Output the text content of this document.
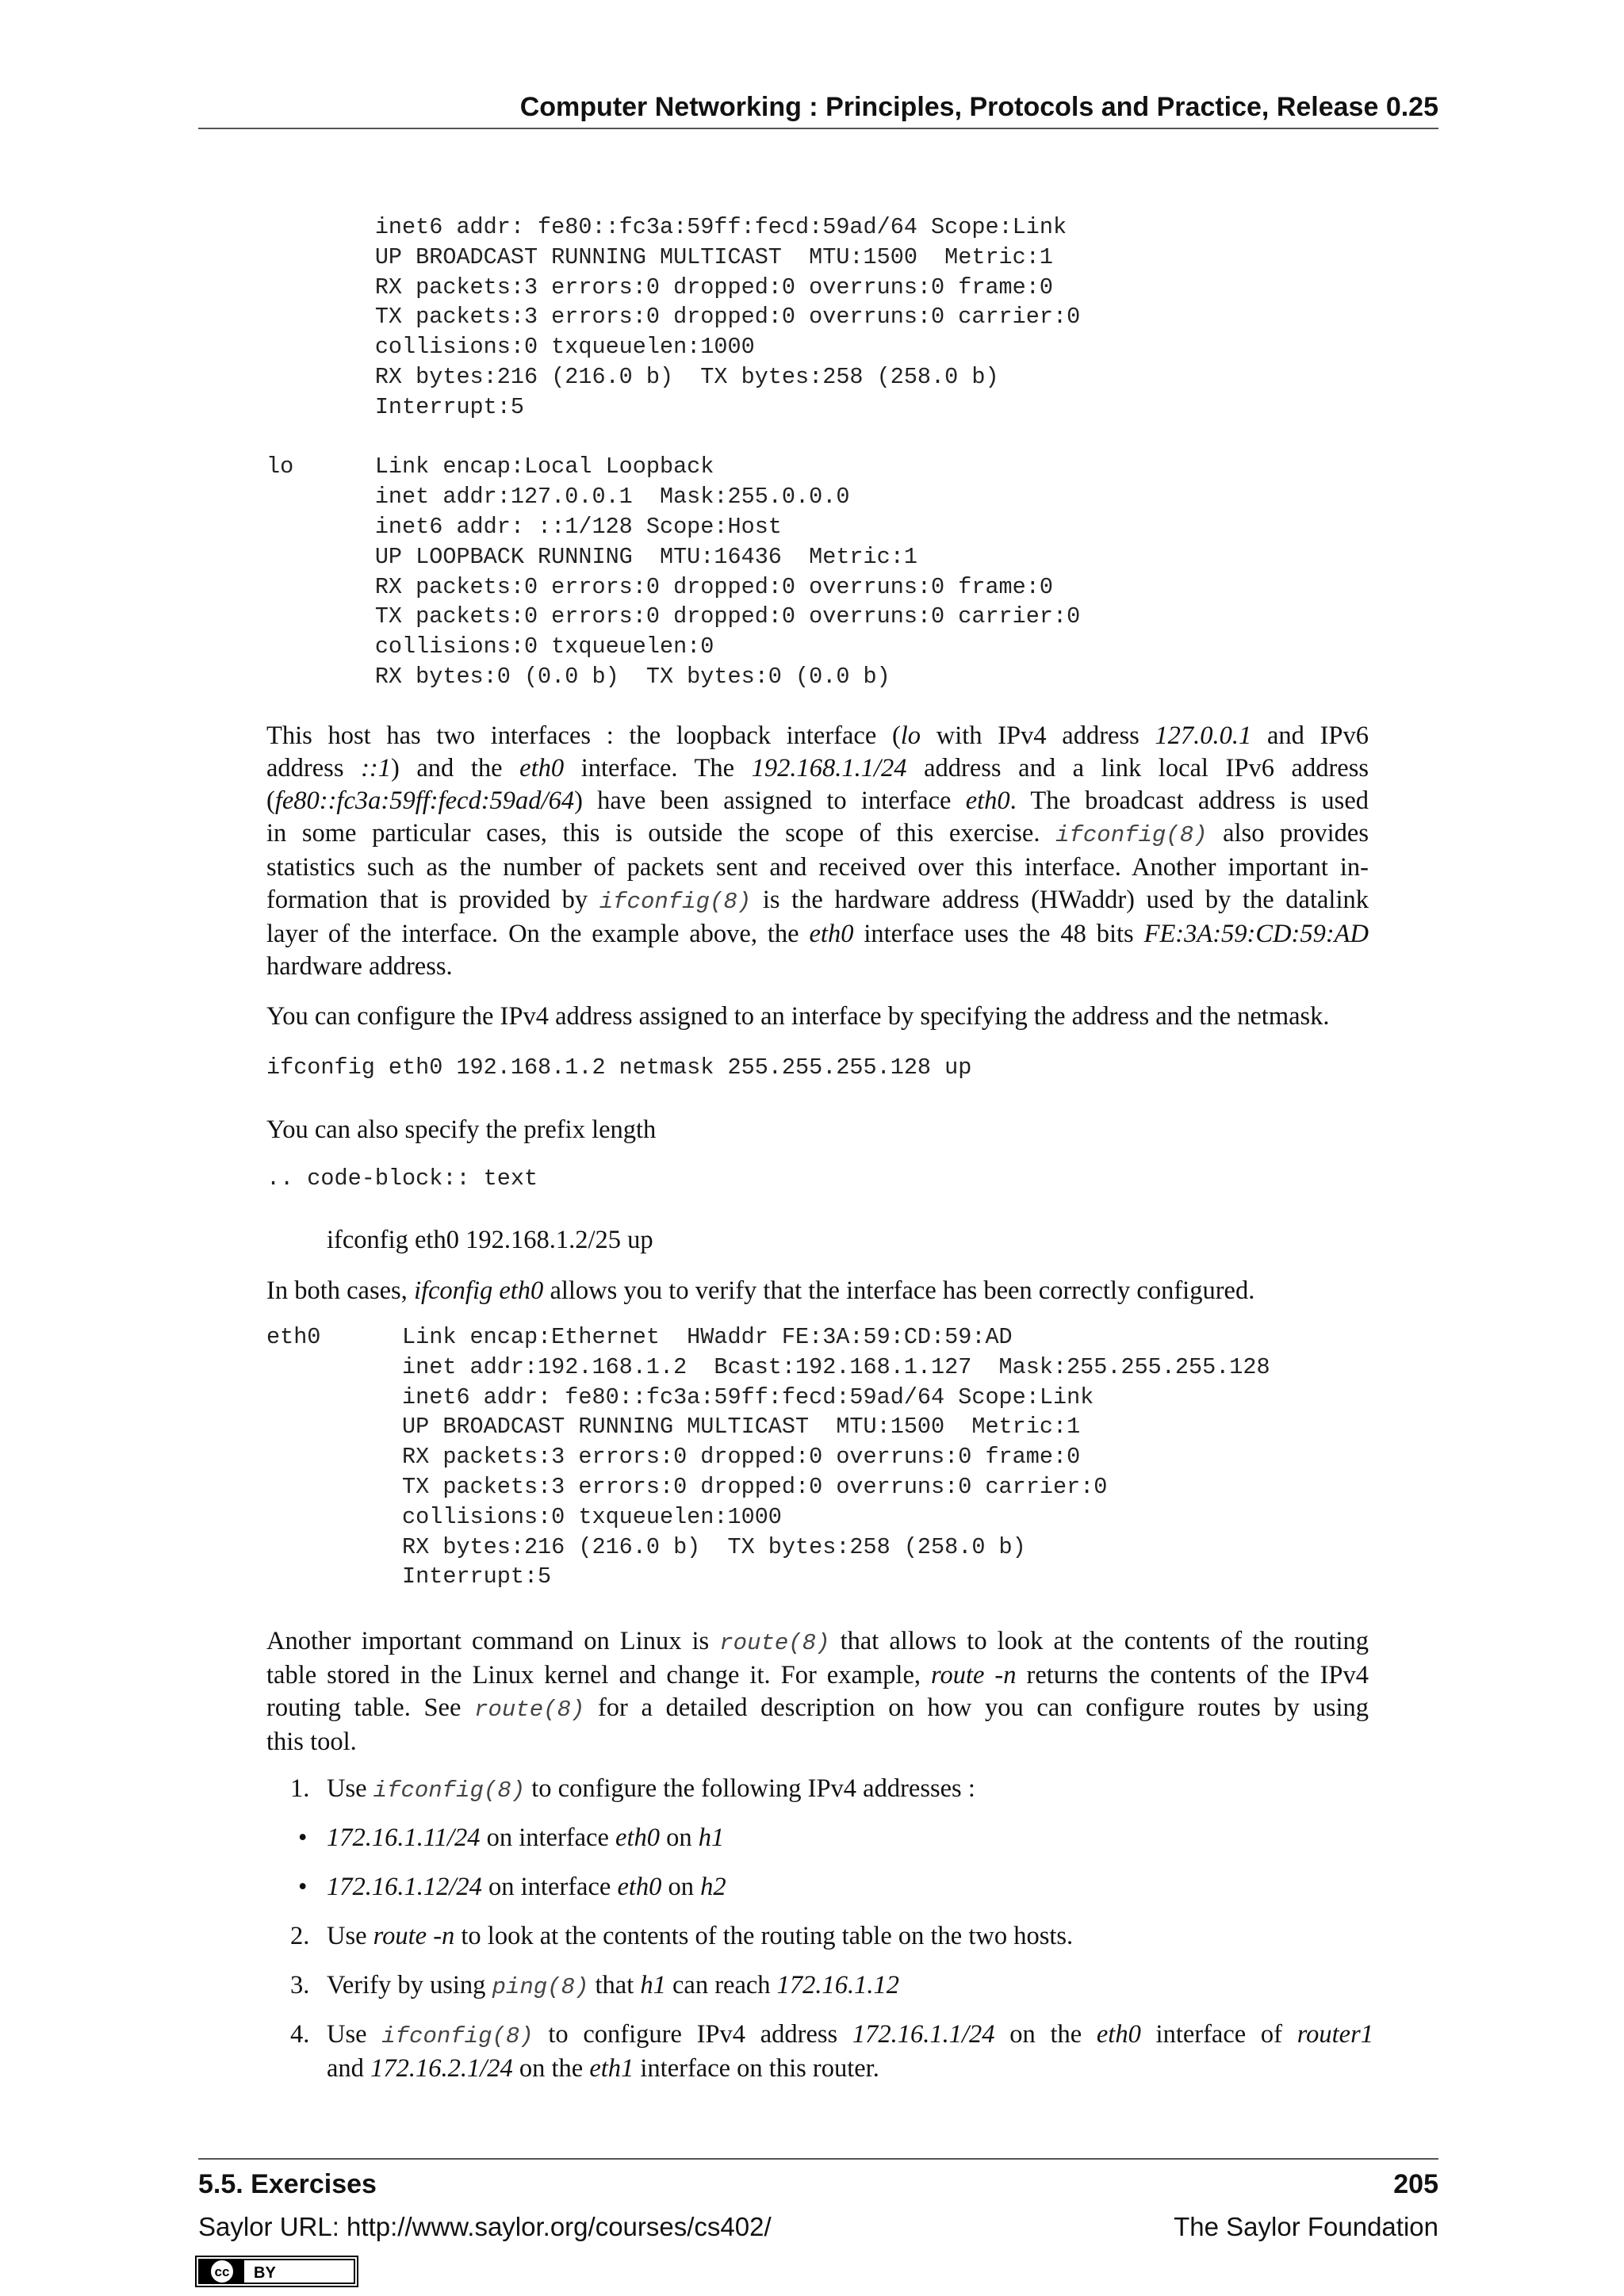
Computer Networking : Principles, Protocols and Practice, Release 0.25
inet6 addr: fe80::fc3a:59ff:fecd:59ad/64 Scope:Link
UP BROADCAST RUNNING MULTICAST  MTU:1500  Metric:1
RX packets:3 errors:0 dropped:0 overruns:0 frame:0
TX packets:3 errors:0 dropped:0 overruns:0 carrier:0
collisions:0 txqueuelen:1000
RX bytes:216 (216.0 b)  TX bytes:258 (258.0 b)
Interrupt:5

lo      Link encap:Local Loopback
inet addr:127.0.0.1  Mask:255.0.0.0
inet6 addr: ::1/128 Scope:Host
UP LOOPBACK RUNNING  MTU:16436  Metric:1
RX packets:0 errors:0 dropped:0 overruns:0 frame:0
TX packets:0 errors:0 dropped:0 overruns:0 carrier:0
collisions:0 txqueuelen:0
RX bytes:0 (0.0 b)  TX bytes:0 (0.0 b)
This host has two interfaces : the loopback interface (lo with IPv4 address 127.0.0.1 and IPv6
address ::1) and the eth0 interface. The 192.168.1.1/24 address and a link local IPv6 address
(fe80::fc3a:59ff:fecd:59ad/64) have been assigned to interface eth0. The broadcast address is used
in some particular cases, this is outside the scope of this exercise. ifconfig(8) also provides
statistics such as the number of packets sent and received over this interface. Another important in-
formation that is provided by ifconfig(8) is the hardware address (HWaddr) used by the datalink
layer of the interface. On the example above, the eth0 interface uses the 48 bits FE:3A:59:CD:59:AD
hardware address.
You can configure the IPv4 address assigned to an interface by specifying the address and the netmask.
ifconfig eth0 192.168.1.2 netmask 255.255.255.128 up
You can also specify the prefix length
.. code-block:: text
ifconfig eth0 192.168.1.2/25 up
In both cases, ifconfig eth0 allows you to verify that the interface has been correctly configured.
eth0      Link encap:Ethernet  HWaddr FE:3A:59:CD:59:AD
inet addr:192.168.1.2  Bcast:192.168.1.127  Mask:255.255.255.128
inet6 addr: fe80::fc3a:59ff:fecd:59ad/64 Scope:Link
UP BROADCAST RUNNING MULTICAST  MTU:1500  Metric:1
RX packets:3 errors:0 dropped:0 overruns:0 frame:0
TX packets:3 errors:0 dropped:0 overruns:0 carrier:0
collisions:0 txqueuelen:1000
RX bytes:216 (216.0 b)  TX bytes:258 (258.0 b)
Interrupt:5
Another important command on Linux is route(8) that allows to look at the contents of the routing
table stored in the Linux kernel and change it. For example, route -n returns the contents of the IPv4
routing table. See route(8) for a detailed description on how you can configure routes by using
this tool.
1. Use ifconfig(8) to configure the following IPv4 addresses :
• 172.16.1.11/24 on interface eth0 on h1
• 172.16.1.12/24 on interface eth0 on h2
2. Use route -n to look at the contents of the routing table on the two hosts.
3. Verify by using ping(8) that h1 can reach 172.16.1.12
4. Use ifconfig(8) to configure IPv4 address 172.16.1.1/24 on the eth0 interface of router1
and 172.16.2.1/24 on the eth1 interface on this router.
5.5. Exercises	205
Saylor URL: http://www.saylor.org/courses/cs402/	The Saylor Foundation
cc BY
